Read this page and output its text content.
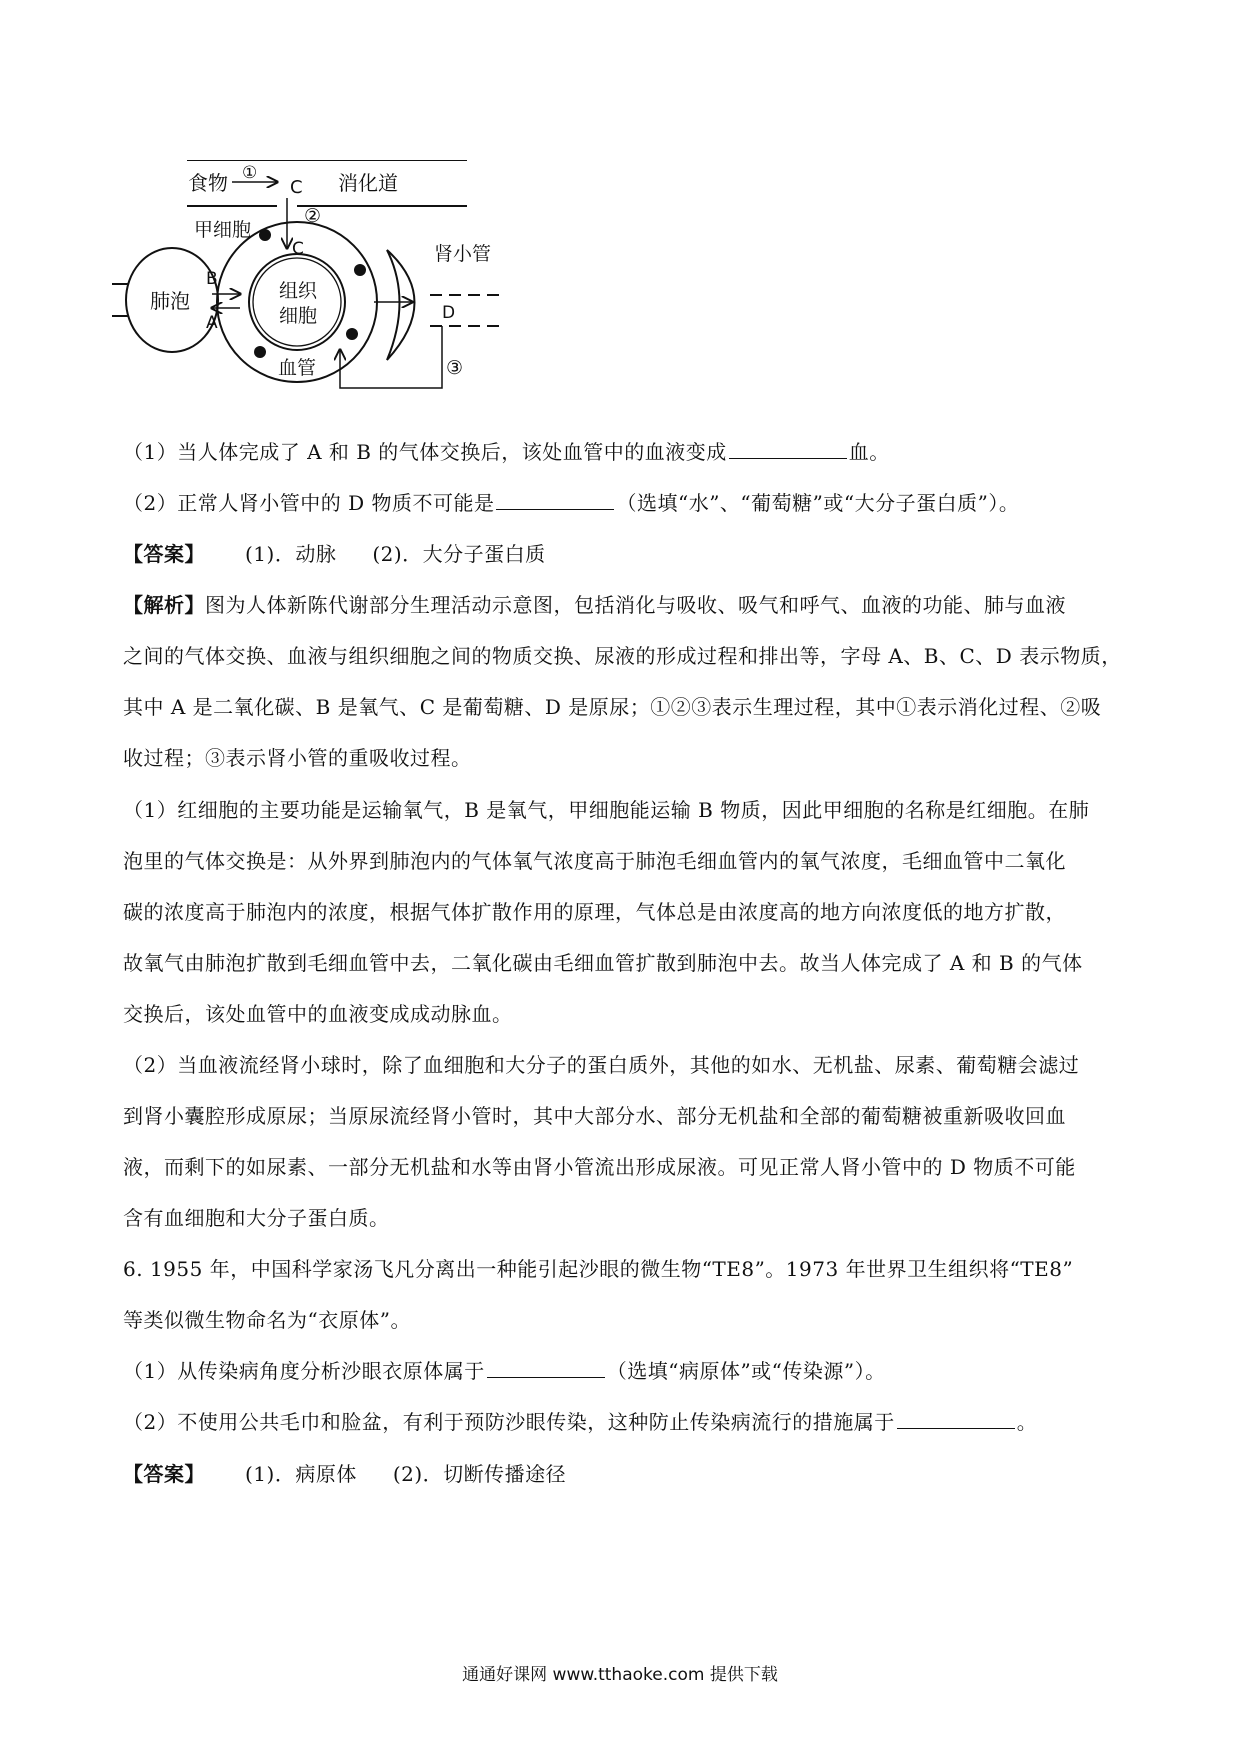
食物 ①
C 消化道
甲细胞
②
C
肺泡
B
A
组织
细胞
血管
肾小管
D
③
（1）当人体完成了 A 和 B 的气体交换后，该处血管中的血液变成	血。
（2）正常人肾小管中的 D 物质不可能是	（选填“水”、“葡萄糖”或“大分子蛋白质”）。
【答案】 (1)．动脉 (2)．大分子蛋白质
【解析】图为人体新陈代谢部分生理活动示意图，包括消化与吸收、吸气和呼气、血液的功能、肺与血液
之间的气体交换、血液与组织细胞之间的物质交换、尿液的形成过程和排出等，字母 A、B、C、D 表示物质，
其中 A 是二氧化碳、B 是氧气、C 是葡萄糖、D 是原尿；①②③表示生理过程，其中①表示消化过程、②吸
收过程；③表示肾小管的重吸收过程。
（1）红细胞的主要功能是运输氧气，B 是氧气，甲细胞能运输 B 物质，因此甲细胞的名称是红细胞。在肺
泡里的气体交换是：从外界到肺泡内的气体氧气浓度高于肺泡毛细血管内的氧气浓度，毛细血管中二氧化
碳的浓度高于肺泡内的浓度，根据气体扩散作用的原理，气体总是由浓度高的地方向浓度低的地方扩散，
故氧气由肺泡扩散到毛细血管中去，二氧化碳由毛细血管扩散到肺泡中去。故当人体完成了 A 和 B 的气体
交换后，该处血管中的血液变成成动脉血。
（2）当血液流经肾小球时，除了血细胞和大分子的蛋白质外，其他的如水、无机盐、尿素、葡萄糖会滤过
到肾小囊腔形成原尿；当原尿流经肾小管时，其中大部分水、部分无机盐和全部的葡萄糖被重新吸收回血
液，而剩下的如尿素、一部分无机盐和水等由肾小管流出形成尿液。可见正常人肾小管中的 D 物质不可能
含有血细胞和大分子蛋白质。
6. 1955 年，中国科学家汤飞凡分离出一种能引起沙眼的微生物“TE8”。1973 年世界卫生组织将“TE8”
等类似微生物命名为“衣原体”。
（1）从传染病角度分析沙眼衣原体属于	（选填“病原体”或“传染源”）。
（2）不使用公共毛巾和脸盆，有利于预防沙眼传染，这种防止传染病流行的措施属于	。
【答案】 (1)．病原体 (2)．切断传播途径
通通好课网 www.tthaoke.com 提供下载
